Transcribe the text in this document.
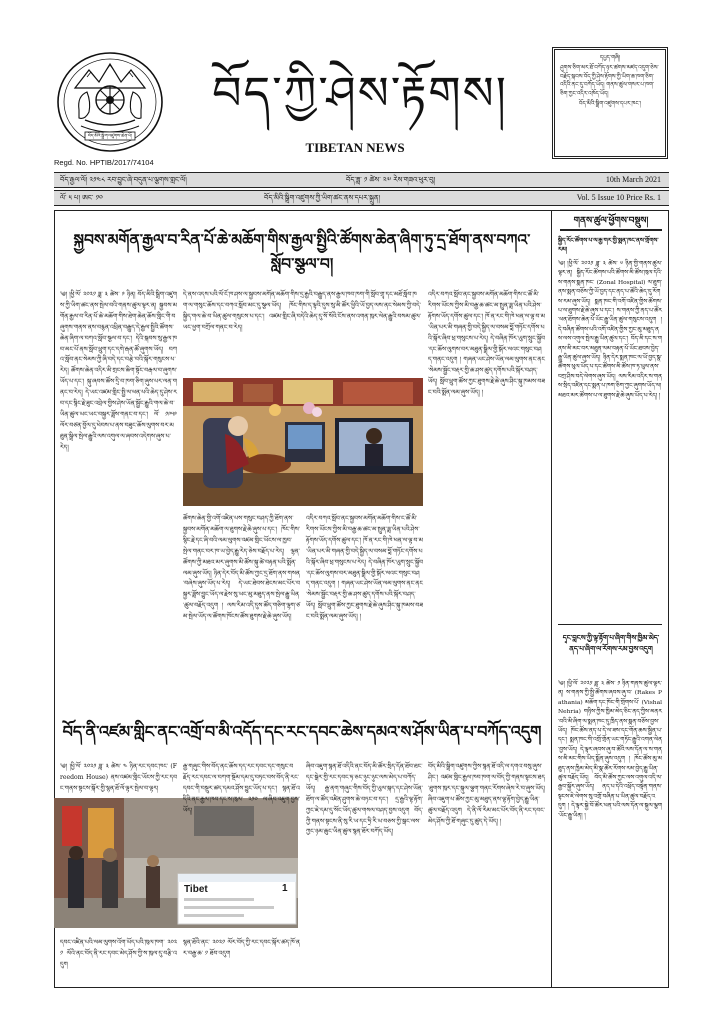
བོད་མིའི་སྒྲིག་འཛུགས་ཆེན་པོ།
བོད་ཀྱི་ཤེས་རྟོགས།
TIBETAN NEWS
Regd. No. HPTIB/2017/74104

དཔྱད་གཞི།

ཤུགས་ཅིག་མར་ཐོ་བཀོད་ཉར་ཚགས་མཛད་འདུག་ཅེས་བརྗོད་སྐབས་བོད་ཀྱི་ཤེས་རྟོགས་ཀྱི་ཡིག་ཆ་ཁག་ཅིག་འདིའི་ནང་དུ་བཀོད་ཡོད། གནས་ཚུལ་གསར་པ་ཁག་ཅིག་ཀྱང་འདིར་འཁོད་ཡོད།

བོད་མིའི་སྒྲིག་འཛུགས་དཔར་ཁང་།

བོད་རྒྱལ་ལོ། ༢༡༤༨ རབ་བྱུང་ཞེ་བདུན་པ་ལྕགས་གླང་ལོ།	བོད་ཟླ་ ༡ ཚེས་ ༢༧ རེས་གཟའ་ཕུར་བུ།	10th March 2021
ལོ་ ༥ པ། ཨང་ ༡༠	བོད་མིའི་སྒྲིག་འཛུགས་ཀྱི་ཡིག་ཚང་ནས་དཔར་སྐྲུན།	Vol. 5 Issue 10 Price Rs. 1
སྐྱབས་མགོན་རྒྱལ་བ་རིན་པོ་ཆེ་མཆོག་གིས་རྒྱལ་སྤྱིའི་ཚོགས་ཆེན་ཞིག་ཏུ་དྲ་ཐོག་ནས་བཀའ་སློབ་སྩལ་བ།
༄། །ཕྱི་ལོ་ ༢༠༢༡ ཟླ་ ༣ ཚེས་ ༩ ཉིན། བོད་མིའི་སྒྲིག་འཛུགས་ཀྱི་ཡིག་ཚང་ནས་སྤེལ་བའི་གནས་ཚུལ་ལྟར་ན། སྐྱབས་མགོན་རྒྱལ་བ་རིན་པོ་ཆེ་མཆོག་གིས་ཐེག་ཆེན་ཆོས་གླིང་གི་བཞུགས་གནས་ནས་བརྙན་འཕྲིན་བརྒྱུད་དེ་རྒྱལ་སྤྱིའི་ཚོགས་ཆེན་ཞིག་ལ་བཀའ་སློབ་སྩལ་བ་དང་། དེའི་སྐབས་སུ་རྒྱལ་ཁབ་མང་པོ་ནས་སློབ་ཕྲུག་དང་དགེ་རྒན་ཚོ་ཞུགས་ཡོད། བཀའ་སློབ་ནང་སེམས་ཀྱི་ཞི་བདེ་དང་བརྩེ་བའི་སྐོར་གསུངས་པ་རེད། ཚོགས་ཆེན་འདིར་མི་གྲངས་ཆིག་སྟོང་བརྒལ་བ་ཞུགས་ཡོད་པ་དང་། སྐུ་ཞབས་ཚོས་དྲི་བ་ཁག་ཅིག་ཞུས་པར་ལན་གནང་བ་རེད། དེ་ཡང་འཛམ་གླིང་སྤྱི་ལ་ཕན་པའི་ཆེད་དུ་ཤེས་རབ་དང་སྙིང་རྗེ་ཟུང་འབྲེལ་གྱིས་ཤེས་ཡོན་སྦྱོང་རྒྱུའི་གལ་ཆེ་བ་ཡིན་ཚུལ་ཡང་ཡང་བསྐྱར་ཟློས་གནང་བ་དང་། ལོ་ ༡༩༥༩ ལོར་བཙན་བྱོལ་དུ་ཕེབས་པ་ནས་བཟུང་ཆོས་ལུགས་བར་མཐུན་སྒྲིལ་སྤེལ་རྒྱུའི་ལས་འགུལ་ལ་ཞབས་འདེགས་ཞུས་པ་རེད།
དེ་ནས་འདས་པའི་ལོ་ངོ་ཁ་ཤས་ལ་སྐྱབས་མགོན་མཆོག་གིས་དྲ་རྒྱའི་བརྒྱུད་ནས་རྒྱལ་ཁབ་ཁག་གི་སློབ་གྲྭ་དང་མཐོ་སློབ་ཁག་ལ་གསུང་ཆོས་དང་བཀའ་སློབ་མང་དུ་སྩལ་ཡོད། ཁོང་གིས་ད་ལྟའི་དུས་སུ་མི་ཚོར་ཕྱིའི་ཡོ་བྱད་ལས་ནང་སེམས་ཀྱི་བདེ་སྐྱིད་གལ་ཆེ་བ་ཡིན་ཚུལ་གསུངས་པ་དང་། འཛམ་གླིང་ཞི་བདེའི་ཆེད་དུ་སོ་སོའི་ངོས་ནས་འགན་ཁུར་ལེན་རྒྱུའི་བསམ་ཚུལ་ཡང་ཕྱག་བཀྲོལ་གནང་བ་རེད།
ཚོགས་ཆེན་གྱི་འགོ་འཛིན་པས་གསུང་བཤད་ཀྱི་ཐོག་ནས་སྐྱབས་མགོན་མཆོག་ལ་ཐུགས་རྗེ་ཆེ་ཞུས་པ་དང་། ཁོང་གིས་སྙིང་རྗེ་དང་ཞི་བའི་ལམ་ལུགས་འཛམ་གླིང་ཡོངས་ལ་ཁྱབ་སྤེལ་གནང་བར་ཁ་ཡ་བྱེད་རྒྱུ་རེད་ཅེས་བརྗོད་པ་རེད། ལྷན་ཚོགས་ཀྱི་མཐའ་མར་ཞུགས་མི་ཚོས་སྐུ་ཚེ་བརྟན་པའི་སྨོན་ལམ་ཞུས་ཡོད། ཉིན་དེར་བོད་མི་ཚོས་ཀྱང་དྲ་ཐོག་ནས་གསན་བཞེས་ཞུས་ཡོད་པ་རེད། དེ་ཡང་ཐེབས་ཐེངས་མང་པོར་བསྐྱར་ཟློས་བྱུང་ཡོད་ལ་རྗེས་སུ་ཡང་མུ་མཐུད་ནས་སྤེལ་རྒྱུ་ཡིན་ཚུལ་བརྗོད་འདུག ། ལས་རིམ་འདི་དུས་ཚོད་གཅིག་ལྷག་ཙམ་སྤེལ་ཡོད་ལ་ཚོགས་ཁོངས་ཚོས་ཐུགས་རྗེ་ཆེ་ཞུས་ཡོད།
འདིར་བཀའ་སློབ་ནང་སྐྱབས་མགོན་མཆོག་གིས་ང་ཚོ་མི་རིགས་ཡོངས་ཀྱིས་མི་བརྒྱ་ཆ་ཚང་མ་སྤུན་ཟླ་ཡིན་པའི་ཤེས་རྟོགས་ཡོད་དགོས་ཚུལ་དང་། ཁོ་ན་རང་གི་ཁེ་ཕན་ལ་ལྟ་བ་མ་ཡིན་པར་མི་གཞན་གྱི་བདེ་སྐྱིད་ལ་བསམ་བློ་གཏོང་དགོས་པའི་སྐོར་ཞིབ་ཕྲ་གསུངས་པ་རེད། དེ་བཞིན་ཁོར་ཡུག་སྲུང་སྐྱོབ་དང་ཆོས་ལུགས་བར་མཐུན་སྒྲིལ་གྱི་སྐོར་ལའང་གསུང་བཤད་གནང་འདུག ། གཞན་ཡང་ཤེས་ཡོན་ལམ་ལུགས་ནང་ནང་སེམས་སྦྱོང་བརྡར་གྱི་ཆ་ཤས་ཚུད་དགོས་པའི་སྐོར་བཤད་ཡོད། སློབ་ཕྲུག་ཚོས་ཀྱང་ཐུགས་རྗེ་ཆེ་ཞུས་ཤིང་སྐུ་ཁམས་བཟང་བའི་སྨོན་ལམ་ཞུས་ཡོད། །
འདིར་བཀའ་སློབ་ནང་སྐྱབས་མགོན་མཆོག་གིས་ང་ཚོ་མི་རིགས་ཡོངས་ཀྱིས་མི་བརྒྱ་ཆ་ཚང་མ་སྤུན་ཟླ་ཡིན་པའི་ཤེས་རྟོགས་ཡོད་དགོས་ཚུལ་དང་། ཁོ་ན་རང་གི་ཁེ་ཕན་ལ་ལྟ་བ་མ་ཡིན་པར་མི་གཞན་གྱི་བདེ་སྐྱིད་ལ་བསམ་བློ་གཏོང་དགོས་པའི་སྐོར་ཞིབ་ཕྲ་གསུངས་པ་རེད། དེ་བཞིན་ཁོར་ཡུག་སྲུང་སྐྱོབ་དང་ཆོས་ལུགས་བར་མཐུན་སྒྲིལ་གྱི་སྐོར་ལའང་གསུང་བཤད་གནང་འདུག ། གཞན་ཡང་ཤེས་ཡོན་ལམ་ལུགས་ནང་ནང་སེམས་སྦྱོང་བརྡར་གྱི་ཆ་ཤས་ཚུད་དགོས་པའི་སྐོར་བཤད་ཡོད། སློབ་ཕྲུག་ཚོས་ཀྱང་ཐུགས་རྗེ་ཆེ་ཞུས་ཤིང་སྐུ་ཁམས་བཟང་བའི་སྨོན་ལམ་ཞུས་ཡོད། །
བོད་ནི་འཛམ་གླིང་ནང་འགྲོ་བ་མི་འདོད་དང་རང་དབང་ཆེས་དམའ་ས་ཤོས་ཡིན་པ་བཀོད་འདུག
Tibet	1
༄། །ཕྱི་ལོ་ ༢༠༢༡ ཟླ་ ༣ ཚེས་ ༤ ཉིན་རང་དབང་ཁང་ (Freedom House) ནས་འཛམ་གླིང་ཡོངས་ཀྱི་རང་དབང་གནས་སྟངས་སྐོར་གྱི་སྙན་ཐོ་ལོ་ལྟར་སྤེལ་བ་ལྟར།
དབང་འཛིན་པའི་ལམ་ལུགས་འོག་ཡོད་པའི་ཁུལ་ཁག་ ༢༠༢༡ ལོའི་ནང་བོད་ནི་རང་དབང་མེད་ཤོས་ཀྱི་ས་ཁུལ་དུ་བརྩི་འདུག
རྒྱ་གཞུང་གིས་བོད་ནང་ཆོས་དད་རང་དབང་དང་གསུང་བརྗོད་རང་དབང་ལ་བཀག་སྡོམ་དམ་དུ་བཏང་བས་བོད་ནི་རང་དབང་གི་བསྡུར་ཚད་དམའ་ཤོས་བྱུང་ཡོད་པ་དང་། སྙན་ཐོ་འདིའི་ནང་རྒྱལ་ཁབ་དང་ས་ཁུལ་ ༢༡༠ ལ་ཞིབ་འཇུག་བྱས་ཡོད།
སྙན་ཐོའི་ནང་ ༢༠༢༡ ལོར་བོད་ཀྱི་རང་དབང་སྐོར་ཚད་ཁོ་ནར་བརྒྱ་ཆ་ ༡ ཐོབ་འདུག
ཞིབ་འཇུག་སྙན་ཐོ་འདིའི་ནང་བོད་མི་ཚོར་སྲིད་དོན་ཐོབ་ཐང་དང་སྒེར་གྱི་རང་དབང་ཧ་ཅང་ཉུང་ཉུང་ལས་མེད་པ་བཀོད་ཡོད། རྒྱ་ནག་གཞུང་གིས་བོད་ཀྱི་ཡུལ་སྐད་དང་ཤེས་ཡོན་ཐོག་ལ་ཚོད་འཛིན་ཤུགས་ཆེ་བཏང་བ་དང་། དྲ་རྒྱའི་ལྟ་རྟོག་ཀྱང་ཇེ་དམ་དུ་སོང་ཡོད་ཚུལ་གསལ་བཤད་བྱས་འདུག བོད་ཀྱི་གནས་སྟངས་ནི་སུ་རི་ཡ་དང་ཧྲི་རི་ཡ་བཅས་ཀྱི་སྒང་ལས་ཀྱང་ཉམ་ཆུང་ཡིན་ཚུལ་སྙན་ཐོར་བཀོད་ཡོད།
བོད་མིའི་སྒྲིག་འཛུགས་ཀྱིས་སྙན་ཐོ་འདི་ལ་དགའ་བསུ་ཞུས་ཤིང་། འཛམ་གླིང་རྒྱལ་ཁབ་ཁག་ལ་བོད་ཀྱི་གནས་སྟངས་ཐད་ཐུགས་ཁུར་དང་སྐུལ་ལྕག་གནང་རོགས་ཞེས་རེ་བ་ཞུས་ཡོད། ཞིབ་འཇུག་པ་ཚོས་ཀྱང་མུ་མཐུད་ནས་ལྟ་རྟོག་བྱེད་རྒྱུ་ཡིན་ཚུལ་བརྗོད་འདུག དེ་ནི་ལོ་རིམ་མང་པོར་བོད་ནི་རང་དབང་མེད་ཤོས་ཀྱི་ཐོ་གཞུང་དུ་ཚུད་དེ་ཡོད། །
གནས་ཚུལ་ཕྱོགས་བསྡུས།
སྐྱིད་རོང་ཚོགས་པ་ལ་རྒྱ་གར་གྱི་སྨན་ཁང་ནས་གྲོགས་རམ།
༄། །ཕྱི་ལོ་ ༢༠༢༡ ཟླ་ ༣ ཚེས་ ༦ ཉིན་གྱི་གནས་ཚུལ་ལྟར་ན། སྐྱིད་རོང་ཚོགས་པའི་ཚོགས་མི་ཚོས་ཁུལ་དེའི་ས་གནས་སྨན་ཁང་ (Zonal Hospital) ལ་ཐུག་ནས་སྨན་བཅོས་ཀྱི་ཡོ་བྱད་དང་ནད་པ་ཚོའི་ཆེད་དུ་རོགས་རམ་ཞུས་ཡོད། སྨན་ཁང་གི་འགོ་འཛིན་གྱིས་ཚོགས་པ་ལ་ཐུགས་རྗེ་ཆེ་ཞུས་པ་དང་། ས་གནས་ཀྱི་ནད་པ་ཚོར་ཕན་ཐོགས་ཆེན་པོ་ཡོང་རྒྱུ་ཡིན་ཚུལ་གསུངས་འདུག ། དེ་བཞིན་ཚོགས་པའི་འགོ་འཛིན་གྱིས་ཀྱང་མུ་མཐུད་ནས་ལས་འགུལ་སྤེལ་རྒྱུ་ཡིན་ཚུལ་དང་། བོད་མི་དང་ས་གནས་མི་མང་བར་མཐུན་ལམ་བརྟན་པོ་ཡོང་ཐབས་བྱེད་རྒྱུ་ཡིན་ཚུལ་ཞུས་ཡོད། ཉིན་དེར་སྨན་ཁང་ལ་ཡོ་བྱད་སྣ་ཚོགས་ཕུལ་ཡོད་པ་དང་ཚོགས་མི་ཚོས་ཁ་ཏ་ཕུལ་ནས་བཀྲ་ཤིས་བདེ་ལེགས་ཞུས་ཡོད། ལས་རིམ་འདིར་ས་གནས་སྲིད་འཛིན་དང་སྨན་པ་ཁག་ཅིག་ཀྱང་ཞུགས་ཡོད་ལ། མཐའ་མར་ཚོགས་པ་ལ་ཐུགས་རྗེ་ཆེ་ཞུས་ཡོད་པ་རེད། །
དྭང་བླངས་ཀྱི་ལྟ་རྟོག་པ་ཞིག་གིས་ཁྱིམ་མེད་ནད་པ་ཞིག་ལ་རོགས་རམ་བྱས་འདུག
༄། །ཕྱི་ལོ་ ༢༠༢༡ ཟླ་ ༣ ཚེས་ ༡ ཉིན་གནས་ཚུལ་ལྟར་ན། ས་གནས་ཀྱི་སྤྱི་ཚོགས་ཞབས་ཞུ་བ་ (Rakes Pathania) མཆོག་དང་ཁོང་གི་གྲོགས་པོ་ (Vishal Nehria) གཉིས་ཀྱིས་ཁྱིམ་མེད་ཅིང་ནད་ཀྱིས་མནར་བའི་མི་ཞིག་ལ་སྨན་ཁང་དུ་ཁྲིད་ནས་སྨན་བཅོས་བྱས་ཡོད། ཁོང་ཚོས་ནད་པ་དེ་ལ་ཟས་དང་གོན་ཆས་སྦྱིན་པ་དང་། སྨན་ཁང་གི་འགྲོ་གྲོན་ཡང་གཏོང་རྒྱུའི་འགན་ལེན་བྱས་ཡོད། དེ་ལྟར་ཞབས་ཞུ་བ་ཚོའི་ལས་དོན་ལ་ས་གནས་མི་མང་གིས་ཡིད་སྨོན་ཞུས་འདུག ། ཁོང་ཚོས་མུ་མཐུད་ནས་ཁྱིམ་མེད་མི་སྣ་ཚོར་རོགས་རམ་བྱེད་རྒྱུ་ཡིན་ཚུལ་བརྗོད་ཡོད། བོད་མི་ཚོས་ཀྱང་ལས་འགུལ་འདི་ལ་རྒྱབ་སྐྱོར་ཞུས་ཡོད། ནད་པ་དེའི་འཕྲོད་བསྟེན་གནས་སྟངས་ཇེ་ལེགས་སུ་འགྲོ་བཞིན་པ་ཡིན་ཚུལ་བརྗོད་འདུག ། དེ་ལྟར་སྐྱེ་བོ་ཚོར་ཕན་པའི་ལས་དོན་ལ་སྐུལ་ལྕག་ཡོང་རྒྱུ་ཡིན། །
